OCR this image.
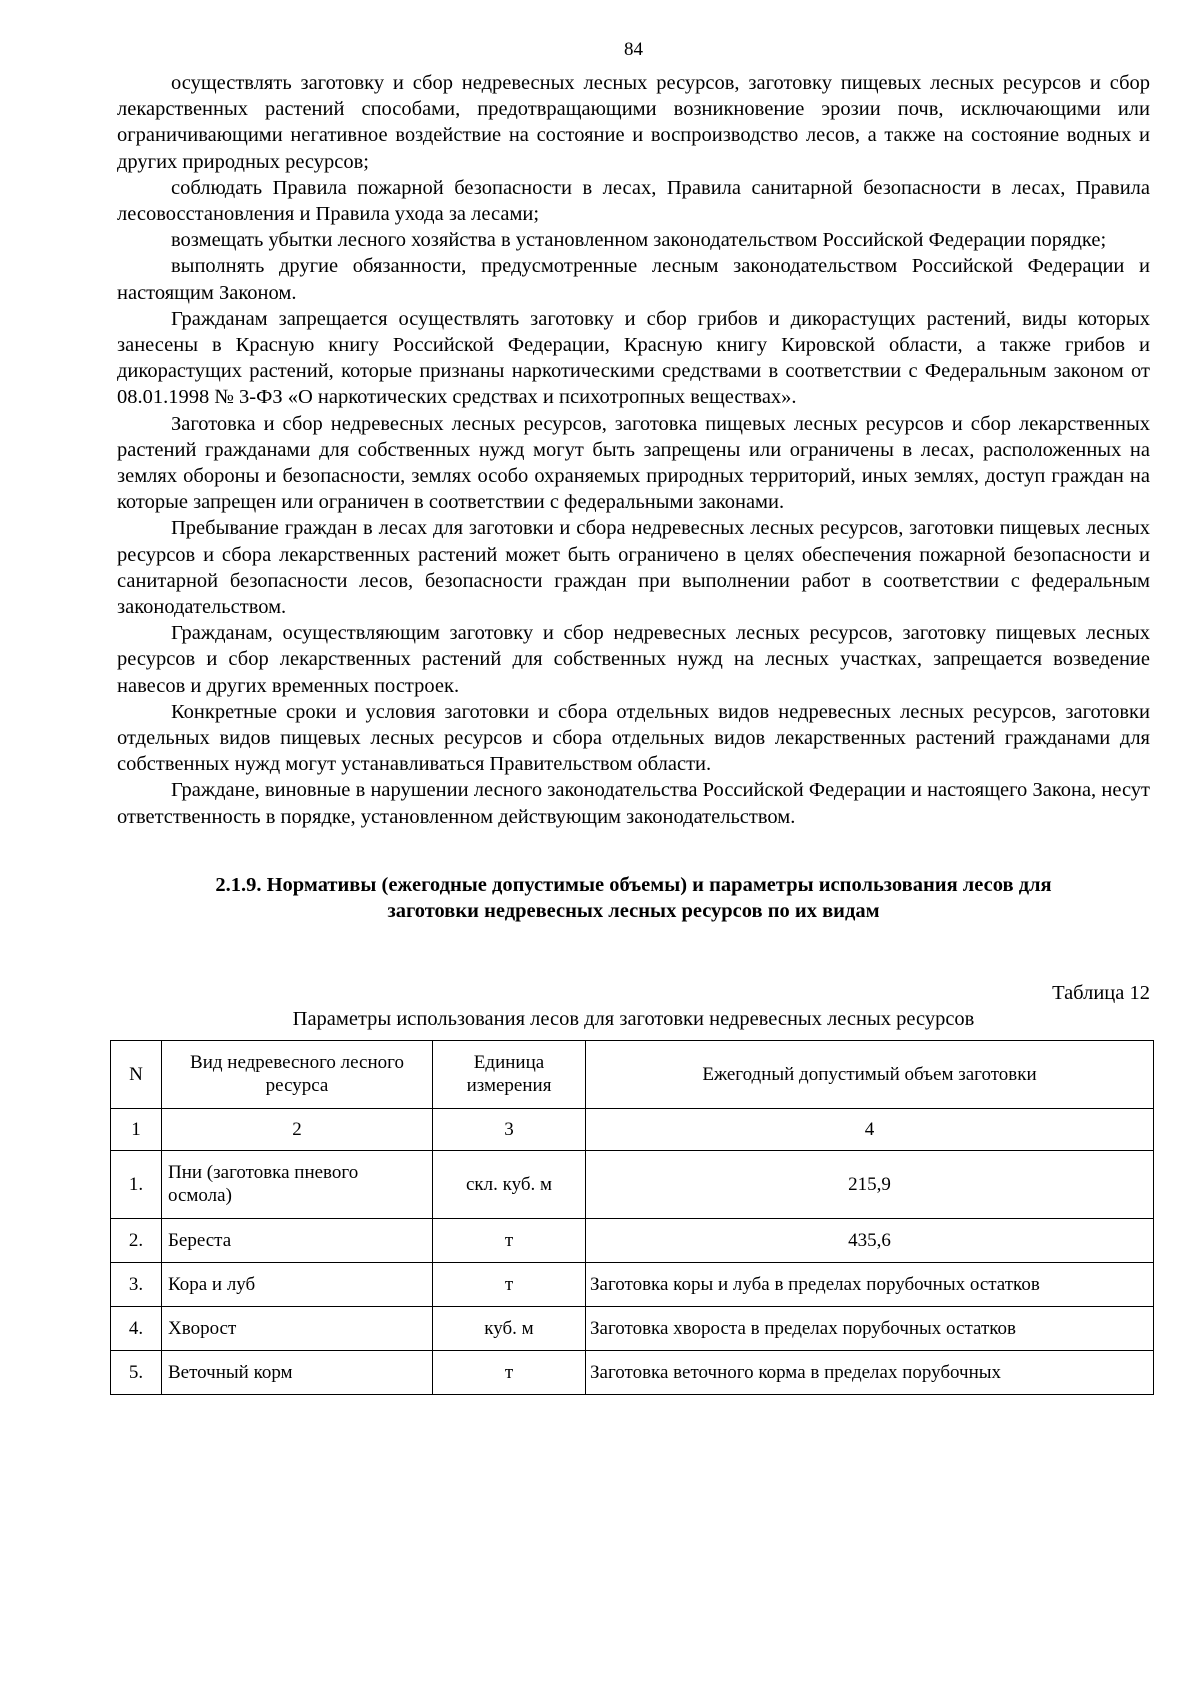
84

осуществлять заготовку и сбор недревесных лесных ресурсов, заготовку пищевых лесных ресурсов и сбор лекарственных растений способами, предотвращающими возникновение эрозии почв, исключающими или ограничивающими негативное воздействие на состояние и воспроизводство лесов, а также на состояние водных и других природных ресурсов;

соблюдать Правила пожарной безопасности в лесах, Правила санитарной безопасности в лесах, Правила лесовосстановления и Правила ухода за лесами;

возмещать убытки лесного хозяйства в установленном законодательством Российской Федерации порядке;

выполнять другие обязанности, предусмотренные лесным законодательством Российской Федерации и настоящим Законом.

Гражданам запрещается осуществлять заготовку и сбор грибов и дикорастущих растений, виды которых занесены в Красную книгу Российской Федерации, Красную книгу Кировской области, а также грибов и дикорастущих растений, которые признаны наркотическими средствами в соответствии с Федеральным законом от 08.01.1998 № 3-ФЗ «О наркотических средствах и психотропных веществах».

Заготовка и сбор недревесных лесных ресурсов, заготовка пищевых лесных ресурсов и сбор лекарственных растений гражданами для собственных нужд могут быть запрещены или ограничены в лесах, расположенных на землях обороны и безопасности, землях особо охраняемых природных территорий, иных землях, доступ граждан на которые запрещен или ограничен в соответствии с федеральными законами.

Пребывание граждан в лесах для заготовки и сбора недревесных лесных ресурсов, заготовки пищевых лесных ресурсов и сбора лекарственных растений может быть ограничено в целях обеспечения пожарной безопасности и санитарной безопасности лесов, безопасности граждан при выполнении работ в соответствии с федеральным законодательством.

Гражданам, осуществляющим заготовку и сбор недревесных лесных ресурсов, заготовку пищевых лесных ресурсов и сбор лекарственных растений для собственных нужд на лесных участках, запрещается возведение навесов и других временных построек.

Конкретные сроки и условия заготовки и сбора отдельных видов недревесных лесных ресурсов, заготовки отдельных видов пищевых лесных ресурсов и сбора отдельных видов лекарственных растений гражданами для собственных нужд могут устанавливаться Правительством области.

Граждане, виновные в нарушении лесного законодательства Российской Федерации и настоящего Закона, несут ответственность в порядке, установленном действующим законодательством.

2.1.9. Нормативы (ежегодные допустимые объемы) и параметры использования лесов для
заготовки недревесных лесных ресурсов по их видам
Таблица 12
Параметры использования лесов для заготовки недревесных лесных ресурсов
N	Вид недревесного лесного ресурса	Единица измерения	Ежегодный допустимый объем заготовки
1	2	3	4
1.	Пни (заготовка пневого осмола)	скл. куб. м	215,9
2.	Береста	т	435,6
3.	Кора и луб	т	Заготовка коры и луба в пределах порубочных остатков
4.	Хворост	куб. м	Заготовка хвороста в пределах порубочных остатков
5.	Веточный корм	т	Заготовка веточного корма в пределах порубочных
